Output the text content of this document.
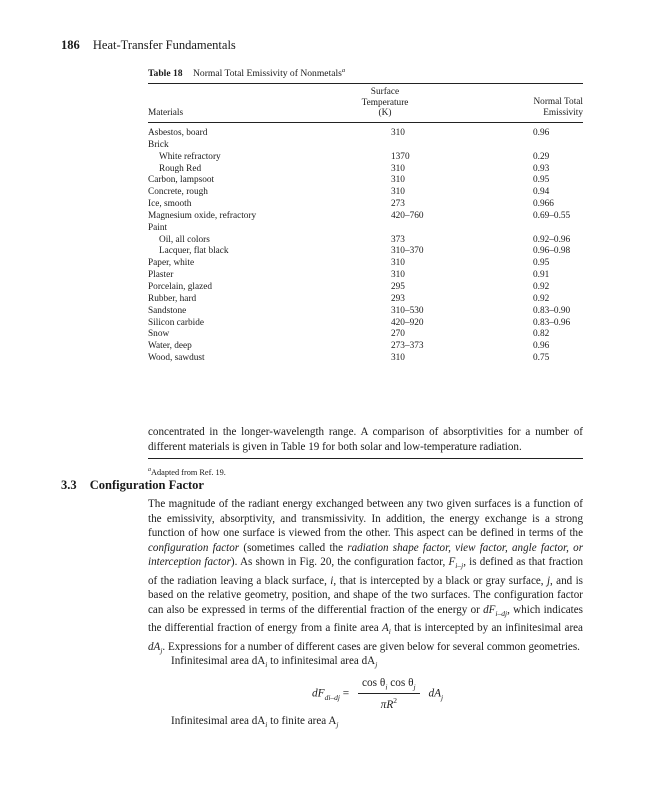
186 Heat-Transfer Fundamentals
Table 18 Normal Total Emissivity of Nonmetals$^a$
Materials
Surface
Temperature
(K)
Normal Total
Emissivity
Asbestos, board	310	0.96
Brick		
White refractory	1370	0.29
Rough Red	310	0.93
Carbon, lampsoot	310	0.95
Concrete, rough	310	0.94
Ice, smooth	273	0.966
Magnesium oxide, refractory	420–760	0.69–0.55
Paint		
Oil, all colors	373	0.92–0.96
Lacquer, flat black	310–370	0.96–0.98
Paper, white	310	0.95
Plaster	310	0.91
Porcelain, glazed	295	0.92
Rubber, hard	293	0.92
Sandstone	310–530	0.83–0.90
Silicon carbide	420–920	0.83–0.96
Snow	270	0.82
Water, deep	273–373	0.96
Wood, sawdust	310	0.75
$^a$Adapted from Ref. 19.
concentrated in the longer-wavelength range. A comparison of absorptivities for a number of different materials is given in Table 19 for both solar and low-temperature radiation.
3.3 Configuration Factor
The magnitude of the radiant energy exchanged between any two given surfaces is a function of the emissivity, absorptivity, and transmissivity. In addition, the energy exchange is a strong function of how one surface is viewed from the other. This aspect can be defined in terms of the configuration factor (sometimes called the radiation shape factor, view factor, angle factor, or interception factor). As shown in Fig. 20, the configuration factor, $F_{i-j}$, is defined as that fraction of the radiation leaving a black surface, i, that is intercepted by a black or gray surface, j, and is based on the relative geometry, position, and shape of the two surfaces. The configuration factor can also be expressed in terms of the differential fraction of the energy or $dF_{i-dj}$, which indicates the differential fraction of energy from a finite area $A_i$ that is intercepted by an infinitesimal area $dA_j$. Expressions for a number of different cases are given below for several common geometries.
Infinitesimal area $dA_i$ to infinitesimal area $dA_j$
$dF_{di-dj} = \frac{\cos \theta_i \cos \theta_j}{\pi R^2} dA_j$
Infinitesimal area $dA_i$ to finite area $A_j$
